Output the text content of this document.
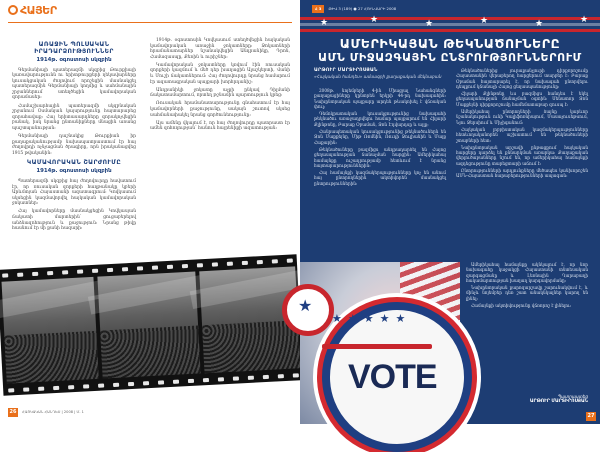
ՀԱՅԵՐ
ԱՌԱՋԻՆ ՊՈԼՍԱԿԱՆ ԻՐԱԴԱՐՁՈՒԹՅՈՒՆՆԵՐ
1914թ. օգոստոսի սկզբին

Գերմանիայի պատերազմի սկզբից Թուրքիայի կառավարությունն ու երիտթուրքերի ղեկավարները կուսակցական ժողովում որոշեցին մասնակցել պատերազմին Գերմանիայի կողմից և սահմանային շրջաններում ստեղծեցին կամավորական զորամասեր։

Համաշխարհային պատերազմի սկզբնական շրջանում Օսմանյան կայսրությունը հայտարարեց զորահավաք։ Հայ երիտասարդները զորակոչվեցին բանակ, իսկ նրանց ընտանիքները մնացին առանց պաշտպանության։

Գերմանիայի դաշնակից Թուրքիան իր քաղաքականությամբ նախապատրաստում էր հայ ժողովրդի ոչնչացման ծրագիրը, որն իրականացվեց 1915 թվականին։

ԿԱՄԱՎՈՐԱԿԱՆ ՇԱՐԺՈՒՄԸ
1914թ. օգոստոսի սկզբին

Պատերազմի սկզբից հայ ժողովուրդը հավատում էր, որ ռուսական զորքերի հաղթանակը կբերի Արևմտյան Հայաստանի ազատագրում։ Կովկասում սկսեցին կազմավորվել հայկական կամավորական ջոկատներ։

Հայ կամավորները մասնակցեցին Կովկասյան ճակատի մարտերին՝ ցուցաբերելով անձնազոհություն և քաջություն։ Նրանց թիվը հասնում էր մի քանի հազարի։

1914թ. օգոստոսին Կովկասում ստեղծվեցին հայկական կամավորական առաջին ջոկատները։ Ջոկատների հրամանատարներ նշանակվեցին Անդրանիկը, Դրոն, Համազասպը, Քեռին և ուրիշներ։

Կամավորական ջոկատները կռվում էին ռուսական զորքերի կազմում և մեծ դեր խաղացին Ալաշկերտի, Վանի և Մուշի ճակատներում։ Հայ ժողովուրդը նրանց համարում էր ազատագրական պայքարի խորհրդանիշ։

Անդրանիկի ջոկատը աչքի ընկավ Դիլմանի ճակատամարտում, որտեղ թշնամին պարտություն կրեց։

Ռուսական հրամանատարությունը գնահատում էր հայ կամավորների քաջությունը, սակայն շուտով սկսեց սահմանափակել նրանց գործունեությունը։

Այս ամենը վկայում է, որ հայ ժողովուրդը պատրաստ էր ամեն զոհողության՝ հանուն հայրենիքի ազատության։

26	ՀԱՅԿԱԿԱՆ ՀԱՆԴԵՍ | 2008 | Մ. 1
Հ 3 ԹԻՎ 3 (189) ● 27 ՀՈՒՆՎԱՐԻ 2008
★	★	★	★	★	★
ԱՄԵՐԻԿԱՅԱՆ ԹԵԿՆԱԾՈՒՆԵՐԸ
ԱՄՆ ՄԻՋԱԶԳԱՅԻՆ ԸՆՏՐՈՒԹՅՈՒՆՆԵՐՈՒՄ
ԱՐԹՈՒՐ ՄԱՐՏԻՐՈՍՅԱՆ
«Հայկական հանդես» ամսագրի քաղաքական մեկնաբան

2008թ. նոյեմբերի 4-ին Միացյալ Նահանգների քաղաքացիները կընտրեն երկրի 44-րդ նախագահին։ Նախընտրական պայքարը արդեն թևակոխել է վճռական փուլ։

Դեմոկրատական կուսակցությունից նախագահի թեկնածու առաջադրվելու համար պայքարում են Հիլարի Քլինթոնը, Բարաք Օբաման, Ջոն Էդվարդսը և այլք։

Հանրապետական կուսակցությունից թեկնածուներն են Ջոն Մաքքեյնը, Միթ Ռոմնին, Ռուդի Ջուլիանին և Մայք Հաքաբին։

Թեկնածուները բազմիցս անդրադարձել են Հայոց ցեղասպանության ճանաչման հարցին։ Ամերիկահայ համայնքը ուշադրությամբ հետևում է նրանց հայտարարություններին։

Հայ համայնքի կազմակերպությունները կոչ են անում հայ ընտրողներին ակտիվորեն մասնակցել ընտրություններին։

Թեկնածուներից յուրաքանչյուրի դիրքորոշումը Հայաստանին վերաբերող հարցերում տարբեր է։ Բարաք Օբաման հայտարարել է, որ նախագահ ընտրվելու դեպքում կճանաչի Հայոց ցեղասպանությունը։

Հիլարի Քլինթոնը ևս բազմիցս հանդես է եկել ցեղասպանության ճանաչման օգտին։ Սենատոր Ջոն Մաքքեյնի դիրքորոշումը համեմատաբար զուսպ է։

Ամերիկահայ ընտրողների ձայնը կարևոր նշանակություն ունի Կալիֆոռնիայում, Մասաչուսեթսում, Նյու Ջերսիում և Միչիգանում։

Հայկական լոբբիստական կազմակերպությունները հետևողականորեն աշխատում են թեկնածուների շտաբների հետ։

Նախընտրական արշավի ընթացքում հայկական հարցերը դարձել են քննարկման առարկա։ Քաղաքական վերլուծաբանները նշում են, որ ամերիկահայ համայնքի ազդեցությունը տարեցտարի աճում է։

Ընտրությունների արդյունքները մեծապես կանխորոշեն ԱՄՆ-Հայաստան հարաբերությունների ապագան։

★
★★★★★
VOTE

Ամերիկահայ համայնքը ակնկալում է, որ նոր նախագահը կաջակցի Հայաստանի տնտեսական զարգացմանը և Լեռնային Ղարաբաղի հակամարտության խաղաղ կարգավորմանը։

Նախընտրական քարոզարշավը շարունակվում է, և մինչև նոյեմբեր դեռ շատ անակնկալներ կարող են լինել։

Համայնքի ակտիվությունը վճռորոշ է լինելու։

Պատրաստեց
ԱՐԹՈՒՐ ՄԱՐՏԻՐՈՍՅԱՆ
27
